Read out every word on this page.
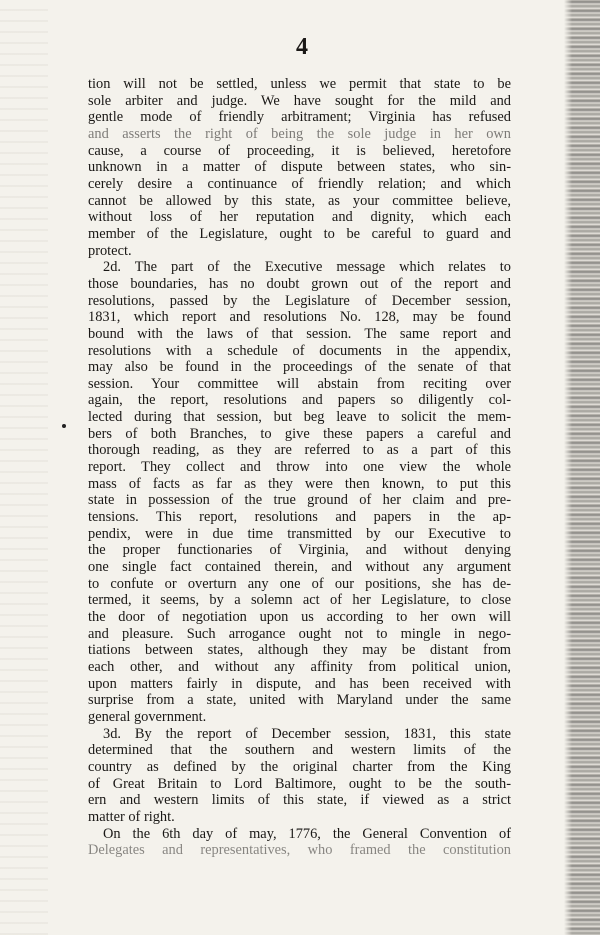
4
tion will not be settled, unless we permit that state to be
sole arbiter and judge. We have sought for the mild and
gentle mode of friendly arbitrament; Virginia has refused
and asserts the right of being the sole judge in her own
cause, a course of proceeding, it is believed, heretofore
unknown in a matter of dispute between states, who sin-
cerely desire a continuance of friendly relation; and which
cannot be allowed by this state, as your committee believe,
without loss of her reputation and dignity, which each
member of the Legislature, ought to be careful to guard and
protect.
2d. The part of the Executive message which relates to
those boundaries, has no doubt grown out of the report and
resolutions, passed by the Legislature of December session,
1831, which report and resolutions No. 128, may be found
bound with the laws of that session. The same report and
resolutions with a schedule of documents in the appendix,
may also be found in the proceedings of the senate of that
session. Your committee will abstain from reciting over
again, the report, resolutions and papers so diligently col-
lected during that session, but beg leave to solicit the mem-
bers of both Branches, to give these papers a careful and
thorough reading, as they are referred to as a part of this
report. They collect and throw into one view the whole
mass of facts as far as they were then known, to put this
state in possession of the true ground of her claim and pre-
tensions. This report, resolutions and papers in the ap-
pendix, were in due time transmitted by our Executive to
the proper functionaries of Virginia, and without denying
one single fact contained therein, and without any argument
to confute or overturn any one of our positions, she has de-
termed, it seems, by a solemn act of her Legislature, to close
the door of negotiation upon us according to her own will
and pleasure. Such arrogance ought not to mingle in nego-
tiations between states, although they may be distant from
each other, and without any affinity from political union,
upon matters fairly in dispute, and has been received with
surprise from a state, united with Maryland under the same
general government.
3d. By the report of December session, 1831, this state
determined that the southern and western limits of the
country as defined by the original charter from the King
of Great Britain to Lord Baltimore, ought to be the south-
ern and western limits of this state, if viewed as a strict
matter of right.
On the 6th day of may, 1776, the General Convention of
Delegates and representatives, who framed the constitution
